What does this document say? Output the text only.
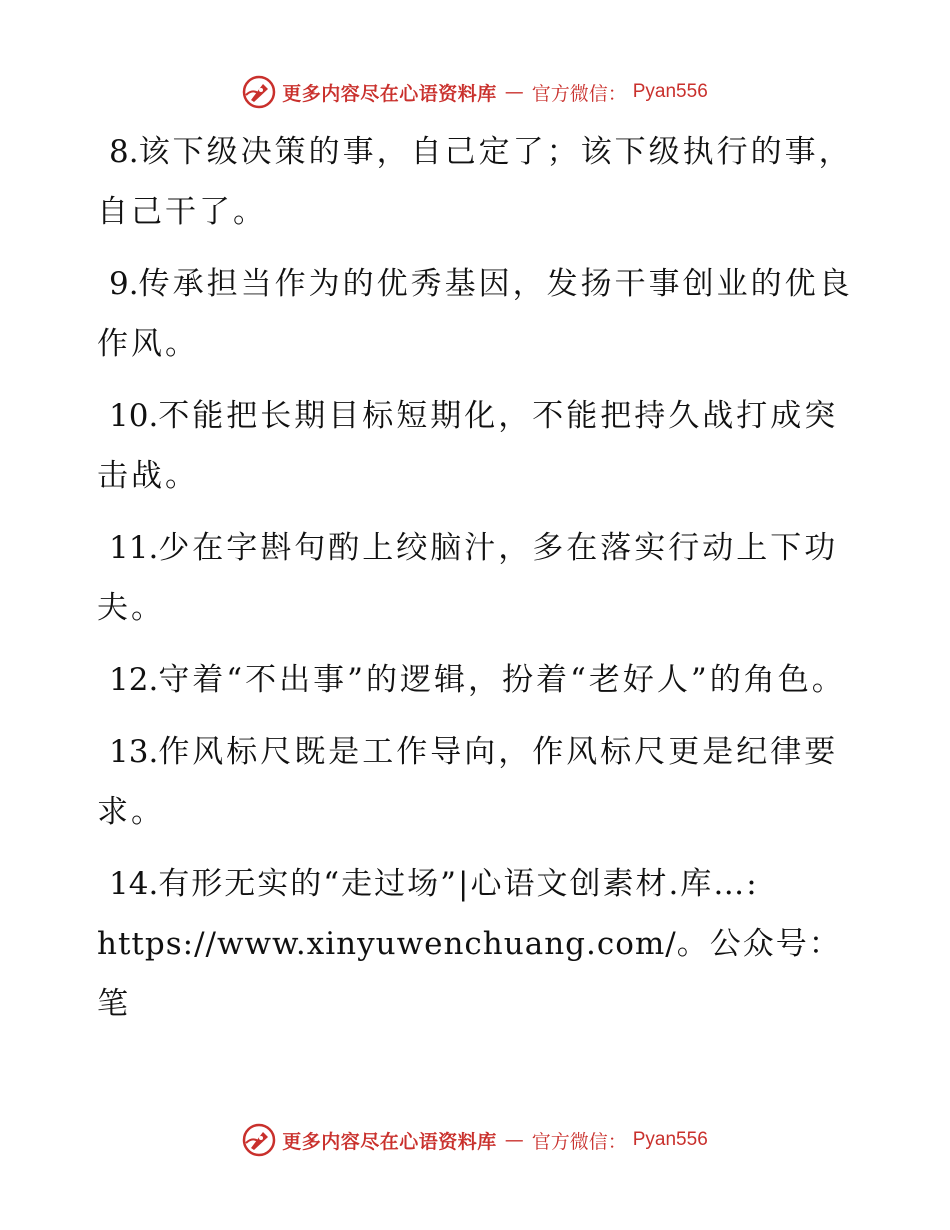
更多内容尽在心语资料库 — 官方微信： Pyan556

8.该下级决策的事，自己定了；该下级执行的事，自己干了。

9.传承担当作为的优秀基因，发扬干事创业的优良作风。

10.不能把长期目标短期化，不能把持久战打成突击战。

11.少在字斟句酌上绞脑汁，多在落实行动上下功夫。

12.守着“不出事”的逻辑，扮着“老好人”的角色。

13.作风标尺既是工作导向，作风标尺更是纪律要求。

14.有形无实的“走过场”|心语文创素材.库…:
https://www.xinyuwenchuang.com/。公众号：笔

更多内容尽在心语资料库 — 官方微信： Pyan556
